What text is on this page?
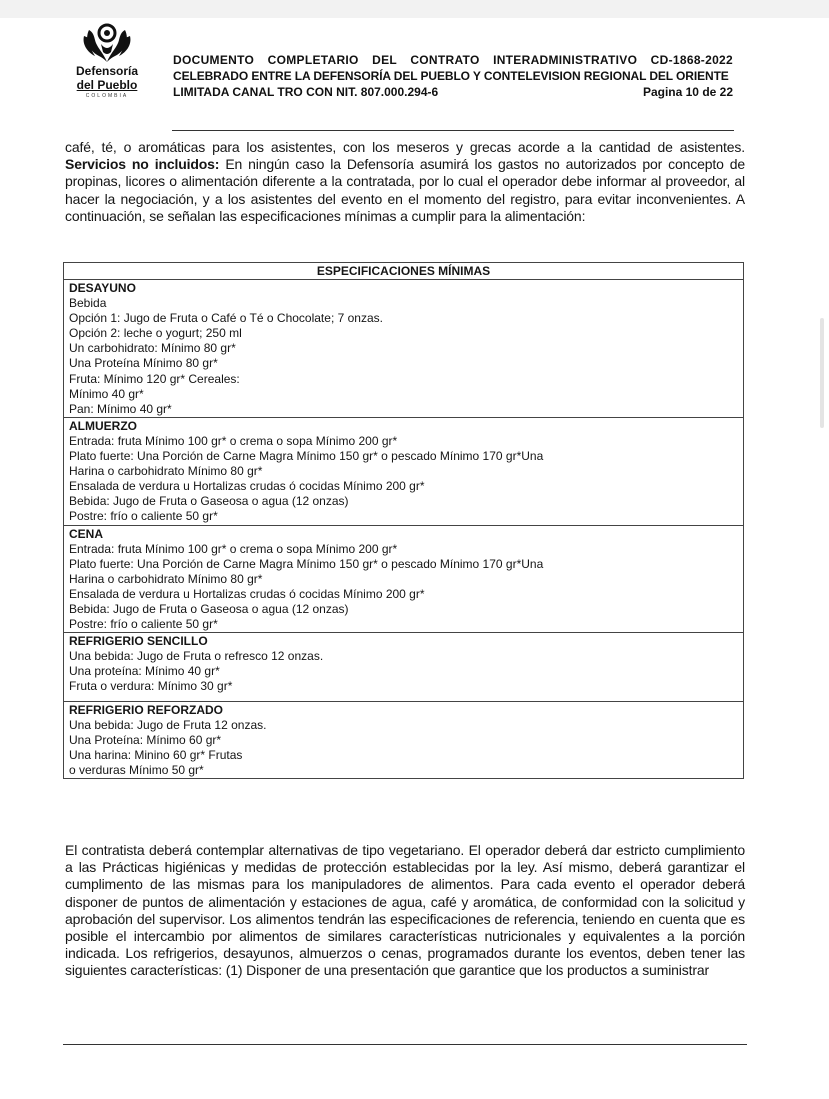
Defensoría
del Pueblo
COLOMBIA
DOCUMENTO COMPLETARIO DEL CONTRATO INTERADMINISTRATIVO CD-1868-2022
CELEBRADO ENTRE LA DEFENSORÍA DEL PUEBLO Y CONTELEVISION REGIONAL DEL ORIENTE
LIMITADA CANAL TRO CON NIT. 807.000.294-6	Pagina 10 de 22
café, té, o aromáticas para los asistentes, con los meseros y grecas acorde a la cantidad de asistentes. Servicios no incluidos: En ningún caso la Defensoría asumirá los gastos no autorizados por concepto de propinas, licores o alimentación diferente a la contratada, por lo cual el operador debe informar al proveedor, al hacer la negociación, y a los asistentes del evento en el momento del registro, para evitar inconvenientes. A continuación, se señalan las especificaciones mínimas a cumplir para la alimentación:
ESPECIFICACIONES MÍNIMAS
DESAYUNO
Bebida
Opción 1: Jugo de Fruta o Café o Té o Chocolate; 7 onzas.
Opción 2: leche o yogurt; 250 ml
Un carbohidrato: Mínimo 80 gr*
Una Proteína Mínimo 80 gr*
Fruta: Mínimo 120 gr* Cereales:
Mínimo 40 gr*
Pan: Mínimo 40 gr*
ALMUERZO
Entrada: fruta Mínimo 100 gr* o crema o sopa Mínimo 200 gr*
Plato fuerte: Una Porción de Carne Magra Mínimo 150 gr* o pescado Mínimo 170 gr*Una
Harina o carbohidrato Mínimo 80 gr*
Ensalada de verdura u Hortalizas crudas ó cocidas Mínimo 200 gr*
Bebida: Jugo de Fruta o Gaseosa o agua (12 onzas)
Postre: frío o caliente 50 gr*
CENA
Entrada: fruta Mínimo 100 gr* o crema o sopa Mínimo 200 gr*
Plato fuerte: Una Porción de Carne Magra Mínimo 150 gr* o pescado Mínimo 170 gr*Una
Harina o carbohidrato Mínimo 80 gr*
Ensalada de verdura u Hortalizas crudas ó cocidas Mínimo 200 gr*
Bebida: Jugo de Fruta o Gaseosa o agua (12 onzas)
Postre: frío o caliente 50 gr*
REFRIGERIO SENCILLO
Una bebida: Jugo de Fruta o refresco 12 onzas.
Una proteína: Mínimo 40 gr*
Fruta o verdura: Mínimo 30 gr*
REFRIGERIO REFORZADO
Una bebida: Jugo de Fruta 12 onzas.
Una Proteína: Mínimo 60 gr*
Una harina: Minino 60 gr* Frutas
o verduras Mínimo 50 gr*
El contratista deberá contemplar alternativas de tipo vegetariano. El operador deberá dar estricto cumplimiento a las Prácticas higiénicas y medidas de protección establecidas por la ley. Así mismo, deberá garantizar el cumplimento de las mismas para los manipuladores de alimentos. Para cada evento el operador deberá disponer de puntos de alimentación y estaciones de agua, café y aromática, de conformidad con la solicitud y aprobación del supervisor. Los alimentos tendrán las especificaciones de referencia, teniendo en cuenta que es posible el intercambio por alimentos de similares características nutricionales y equivalentes a la porción indicada. Los refrigerios, desayunos, almuerzos o cenas, programados durante los eventos, deben tener las siguientes características: (1) Disponer de una presentación que garantice que los productos a suministrar
